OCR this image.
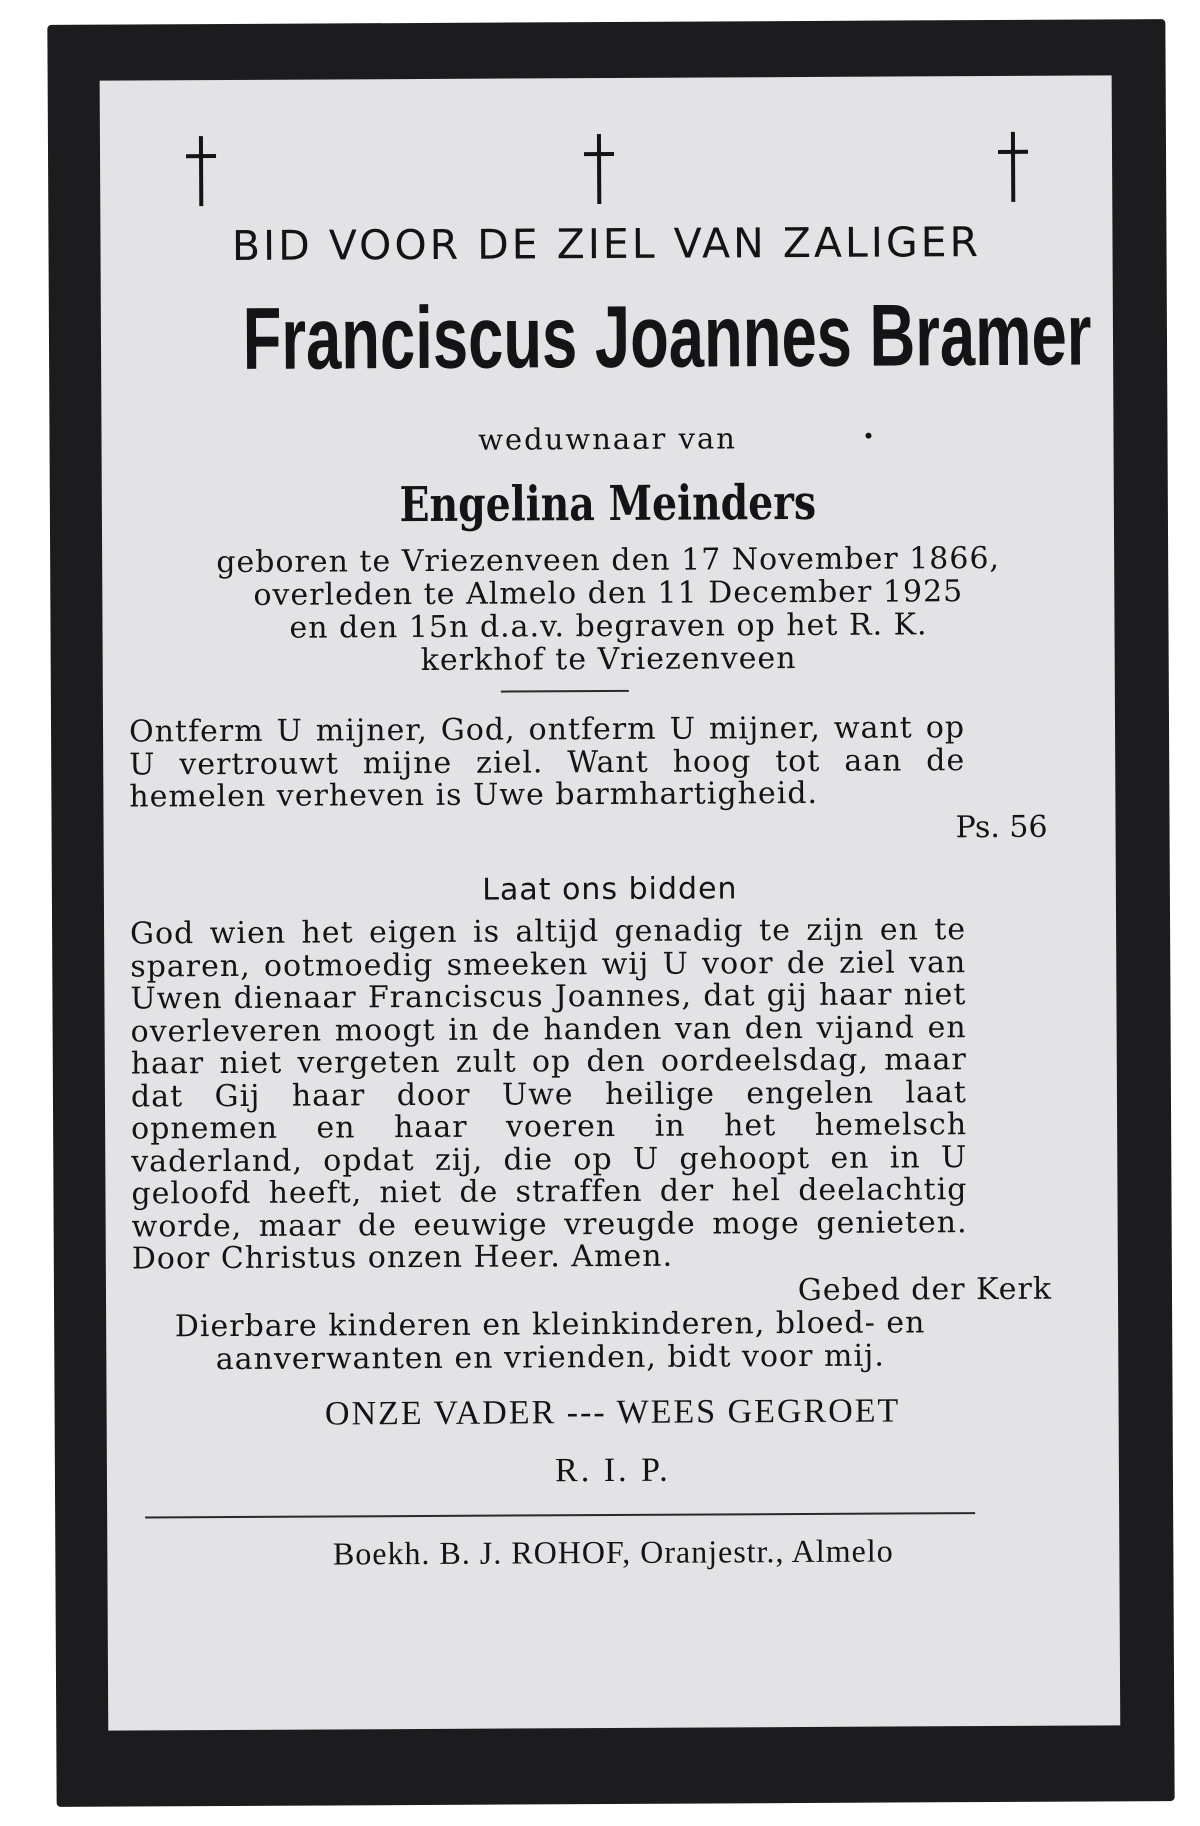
BID VOOR DE ZIEL VAN ZALIGER
Franciscus Joannes Bramer
weduwnaar van
Engelina Meinders
geboren te Vriezenveen den 17 November 1866,
overleden te Almelo den 11 December 1925
en den 15n d.a.v. begraven op het R. K.
kerkhof te Vriezenveen
Ontferm U mijner, God, ontferm U mijner, want op U vertrouwt mijne ziel. Want hoog tot aan de hemelen verheven is Uwe barmhartigheid.
Ps. 56
Laat ons bidden
God wien het eigen is altijd genadig te zijn en te sparen, ootmoedig smeeken wij U voor de ziel van Uwen dienaar Franciscus Joannes, dat gij haar niet overleveren moogt in de handen van den vijand en haar niet vergeten zult op den oordeelsdag, maar dat Gij haar door Uwe heilige engelen laat opnemen en haar voeren in het hemelsch vaderland, opdat zij, die op U gehoopt en in U geloofd heeft, niet de straffen der hel deelachtig worde, maar de eeuwige vreugde moge genieten. Door Christus onzen Heer. Amen.
Gebed der Kerk
Dierbare kinderen en kleinkinderen, bloed- en
aanverwanten en vrienden, bidt voor mij.
ONZE VADER --- WEES GEGROET
R. I. P.
Boekh. B. J. ROHOF, Oranjestr., Almelo
